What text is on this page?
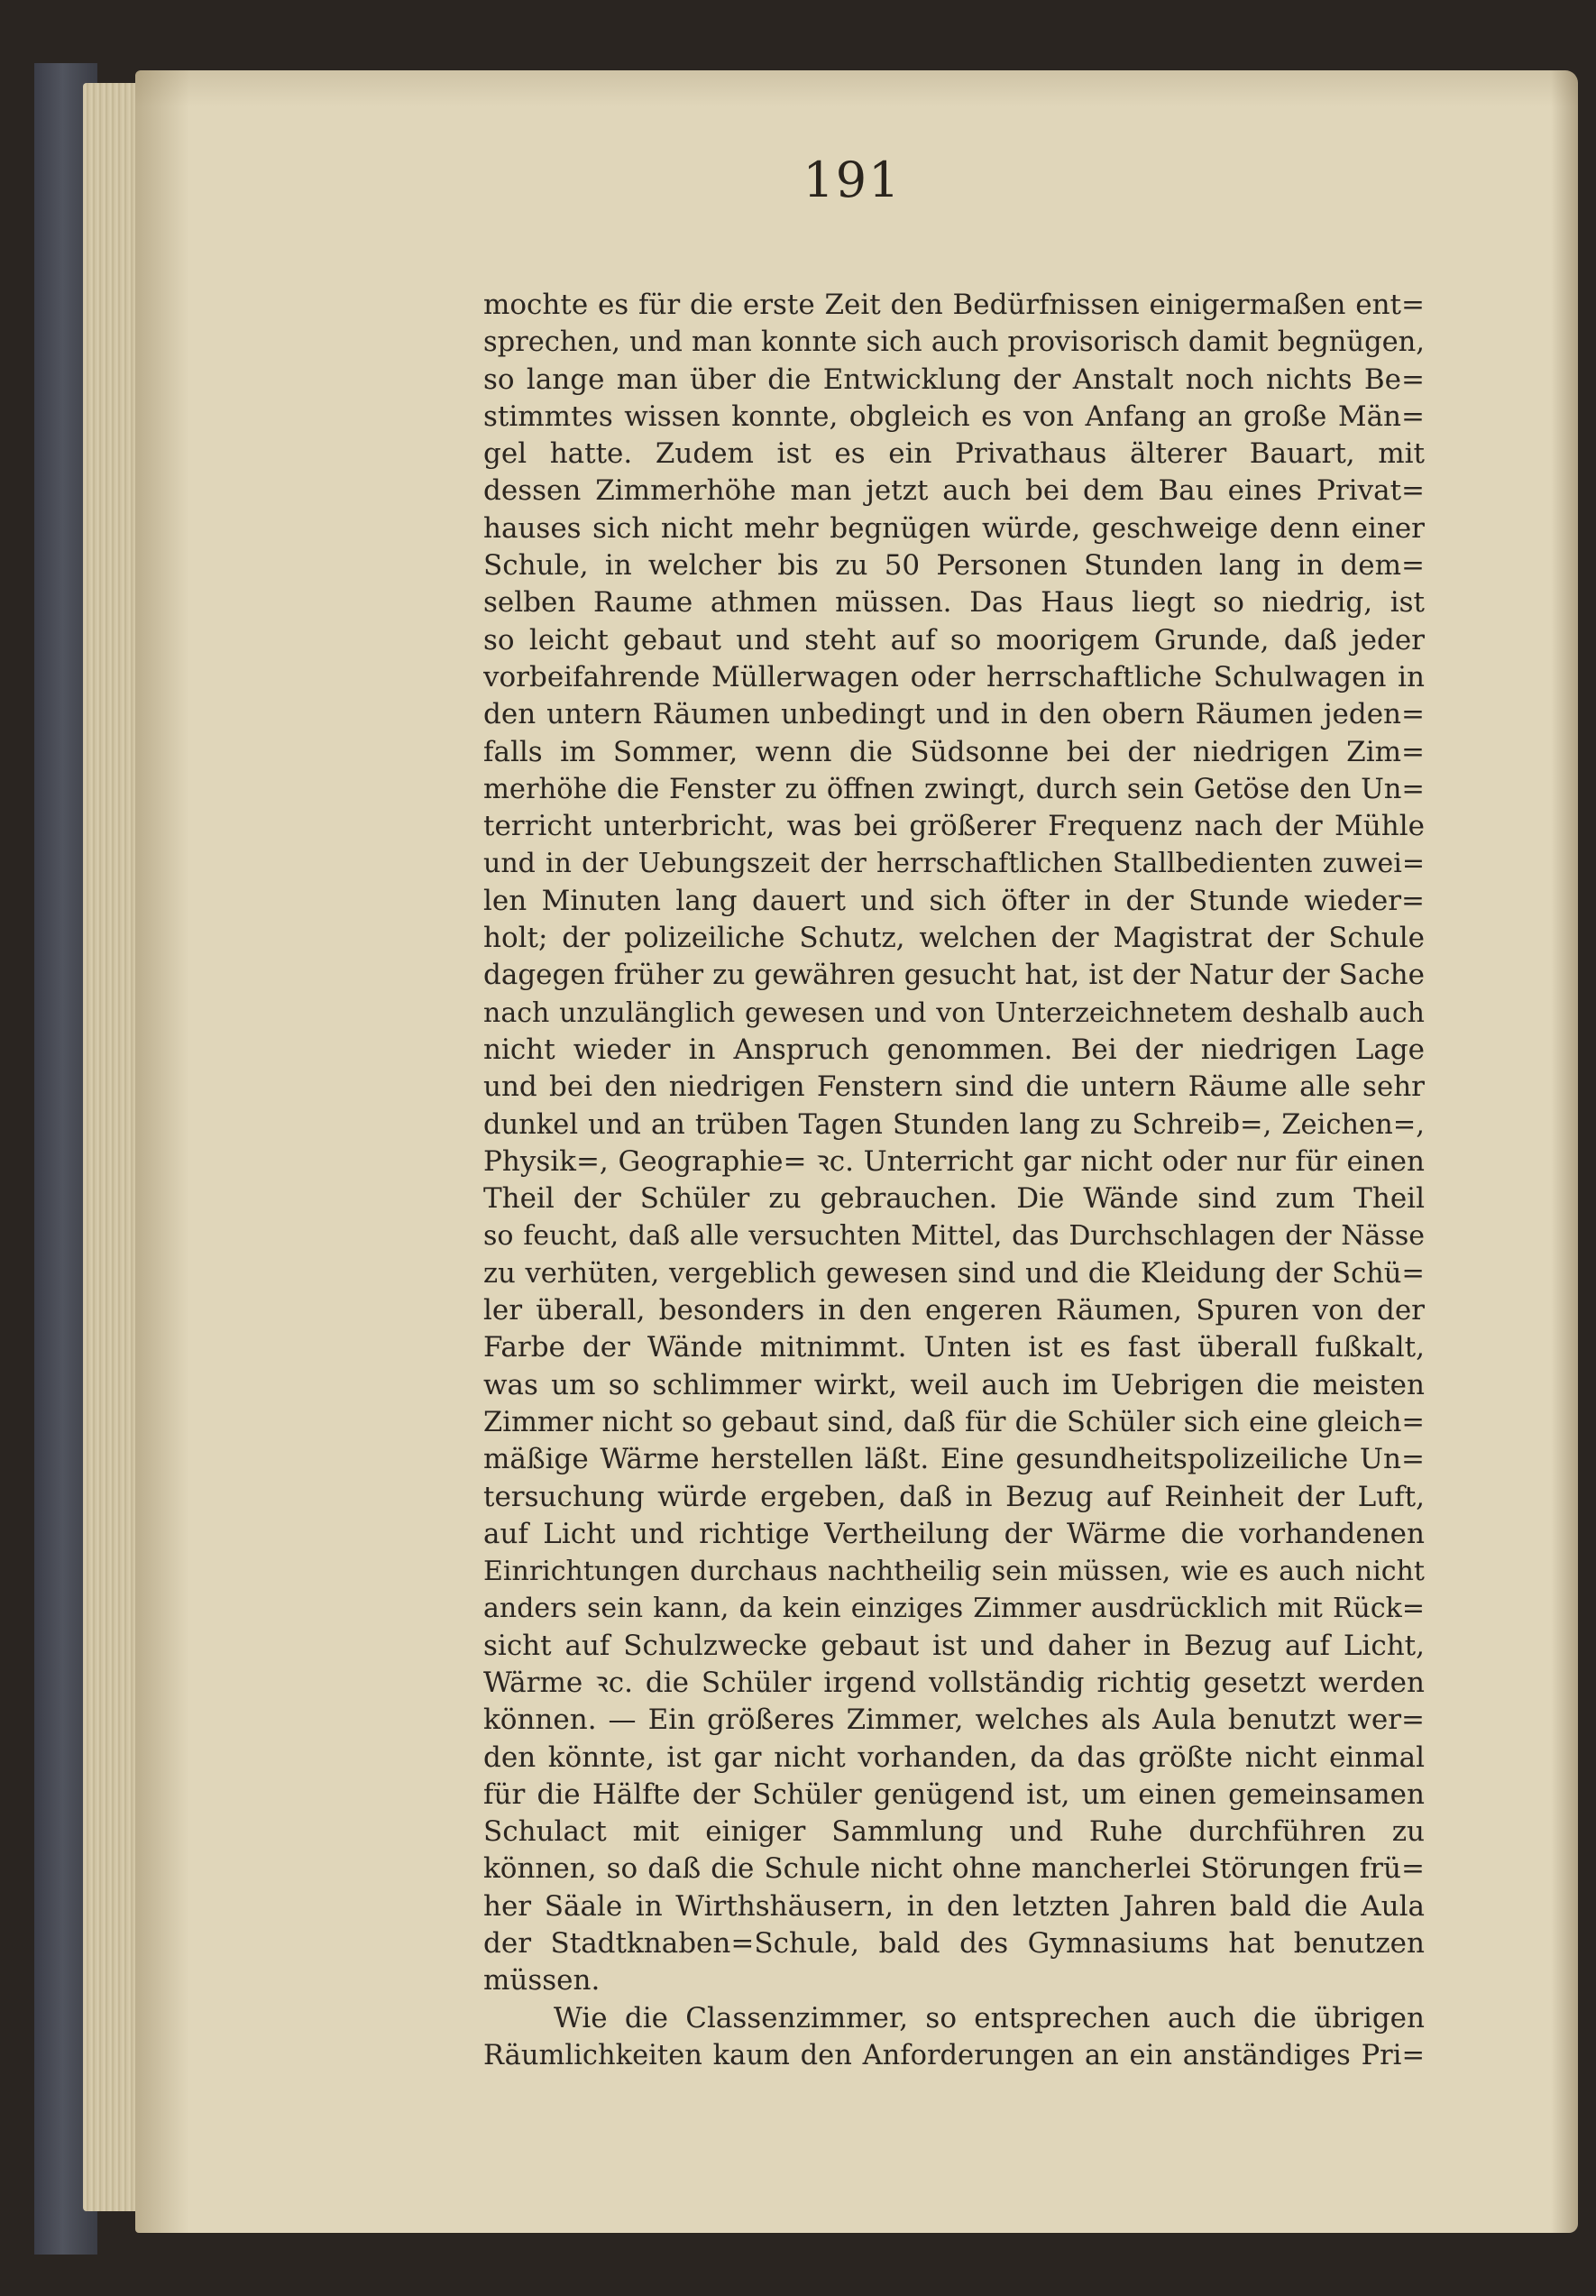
191
mochte es für die erste Zeit den Bedürfnissen einigermaßen ent=
sprechen, und man konnte sich auch provisorisch damit begnügen,
so lange man über die Entwicklung der Anstalt noch nichts Be=
stimmtes wissen konnte, obgleich es von Anfang an große Män=
gel hatte. Zudem ist es ein Privathaus älterer Bauart, mit
dessen Zimmerhöhe man jetzt auch bei dem Bau eines Privat=
hauses sich nicht mehr begnügen würde, geschweige denn einer
Schule, in welcher bis zu 50 Personen Stunden lang in dem=
selben Raume athmen müssen. Das Haus liegt so niedrig, ist
so leicht gebaut und steht auf so moorigem Grunde, daß jeder
vorbeifahrende Müllerwagen oder herrschaftliche Schulwagen in
den untern Räumen unbedingt und in den obern Räumen jeden=
falls im Sommer, wenn die Südsonne bei der niedrigen Zim=
merhöhe die Fenster zu öffnen zwingt, durch sein Getöse den Un=
terricht unterbricht, was bei größerer Frequenz nach der Mühle
und in der Uebungszeit der herrschaftlichen Stallbedienten zuwei=
len Minuten lang dauert und sich öfter in der Stunde wieder=
holt; der polizeiliche Schutz, welchen der Magistrat der Schule
dagegen früher zu gewähren gesucht hat, ist der Natur der Sache
nach unzulänglich gewesen und von Unterzeichnetem deshalb auch
nicht wieder in Anspruch genommen. Bei der niedrigen Lage
und bei den niedrigen Fenstern sind die untern Räume alle sehr
dunkel und an trüben Tagen Stunden lang zu Schreib=, Zeichen=,
Physik=, Geographie= ꝛc. Unterricht gar nicht oder nur für einen
Theil der Schüler zu gebrauchen. Die Wände sind zum Theil
so feucht, daß alle versuchten Mittel, das Durchschlagen der Nässe
zu verhüten, vergeblich gewesen sind und die Kleidung der Schü=
ler überall, besonders in den engeren Räumen, Spuren von der
Farbe der Wände mitnimmt. Unten ist es fast überall fußkalt,
was um so schlimmer wirkt, weil auch im Uebrigen die meisten
Zimmer nicht so gebaut sind, daß für die Schüler sich eine gleich=
mäßige Wärme herstellen läßt. Eine gesundheitspolizeiliche Un=
tersuchung würde ergeben, daß in Bezug auf Reinheit der Luft,
auf Licht und richtige Vertheilung der Wärme die vorhandenen
Einrichtungen durchaus nachtheilig sein müssen, wie es auch nicht
anders sein kann, da kein einziges Zimmer ausdrücklich mit Rück=
sicht auf Schulzwecke gebaut ist und daher in Bezug auf Licht,
Wärme ꝛc. die Schüler irgend vollständig richtig gesetzt werden
können. — Ein größeres Zimmer, welches als Aula benutzt wer=
den könnte, ist gar nicht vorhanden, da das größte nicht einmal
für die Hälfte der Schüler genügend ist, um einen gemeinsamen
Schulact mit einiger Sammlung und Ruhe durchführen zu
können, so daß die Schule nicht ohne mancherlei Störungen frü=
her Säale in Wirthshäusern, in den letzten Jahren bald die Aula
der Stadtknaben=Schule, bald des Gymnasiums hat benutzen
müssen.
Wie die Classenzimmer, so entsprechen auch die übrigen
Räumlichkeiten kaum den Anforderungen an ein anständiges Pri=
